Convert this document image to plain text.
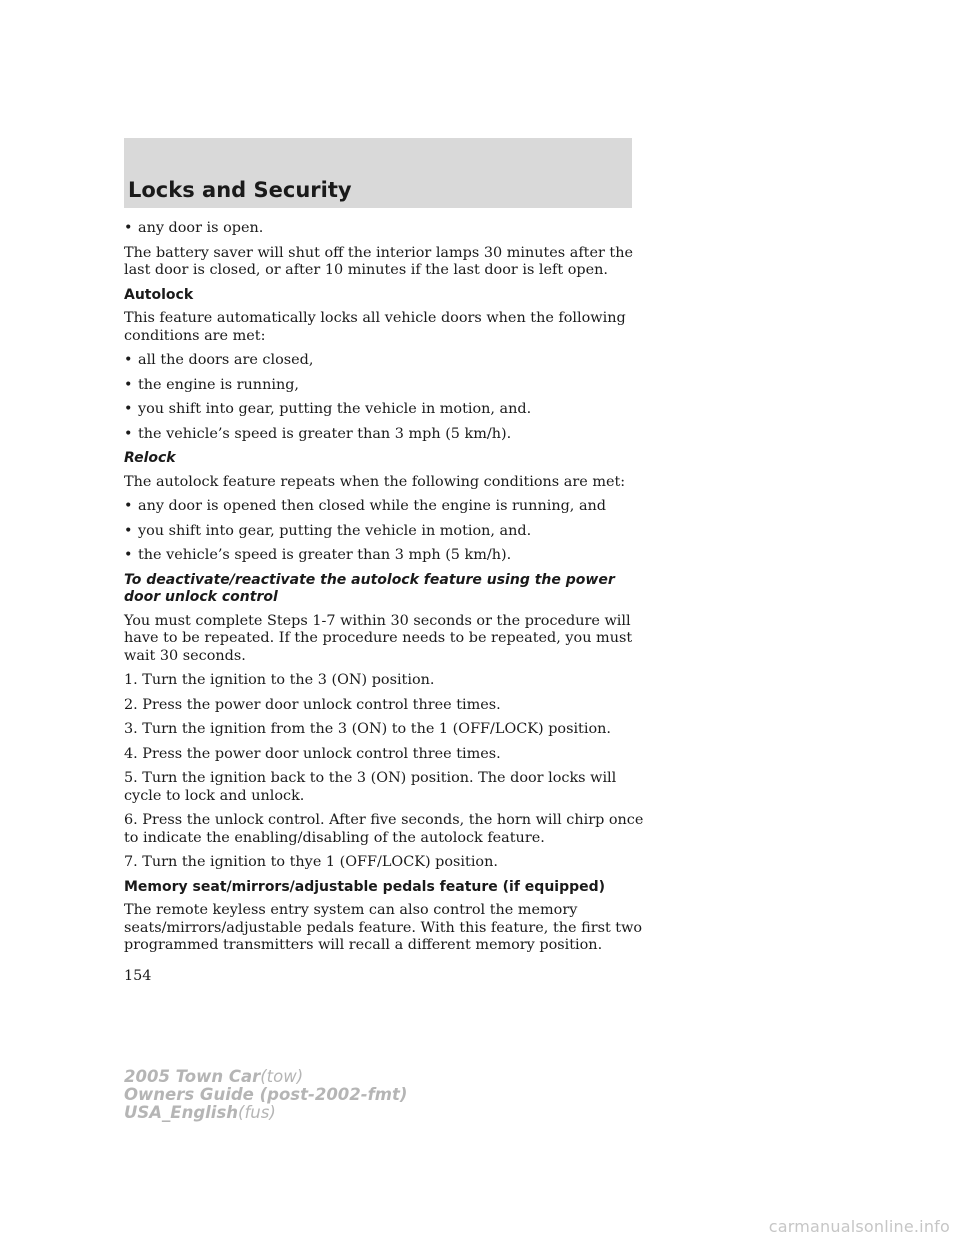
Locks and Security
• any door is open.

The battery saver will shut off the interior lamps 30 minutes after the last door is closed, or after 10 minutes if the last door is left open.

Autolock

This feature automatically locks all vehicle doors when the following conditions are met:

• all the doors are closed,
• the engine is running,
• you shift into gear, putting the vehicle in motion, and.
• the vehicle’s speed is greater than 3 mph (5 km/h).
Relock

The autolock feature repeats when the following conditions are met:

• any door is opened then closed while the engine is running, and
• you shift into gear, putting the vehicle in motion, and.
• the vehicle’s speed is greater than 3 mph (5 km/h).
To deactivate/reactivate the autolock feature using the power door unlock control

You must complete Steps 1-7 within 30 seconds or the procedure will have to be repeated. If the procedure needs to be repeated, you must wait 30 seconds.

1. Turn the ignition to the 3 (ON) position.

2. Press the power door unlock control three times.

3. Turn the ignition from the 3 (ON) to the 1 (OFF/LOCK) position.

4. Press the power door unlock control three times.

5. Turn the ignition back to the 3 (ON) position. The door locks will cycle to lock and unlock.

6. Press the unlock control. After five seconds, the horn will chirp once to indicate the enabling/disabling of the autolock feature.

7. Turn the ignition to thye 1 (OFF/LOCK) position.

Memory seat/mirrors/adjustable pedals feature (if equipped)

The remote keyless entry system can also control the memory seats/mirrors/adjustable pedals feature. With this feature, the first two programmed transmitters will recall a different memory position.

154
2005 Town Car(tow)
Owners Guide (post-2002-fmt)
USA_English(fus)
carmanualsonline.info
